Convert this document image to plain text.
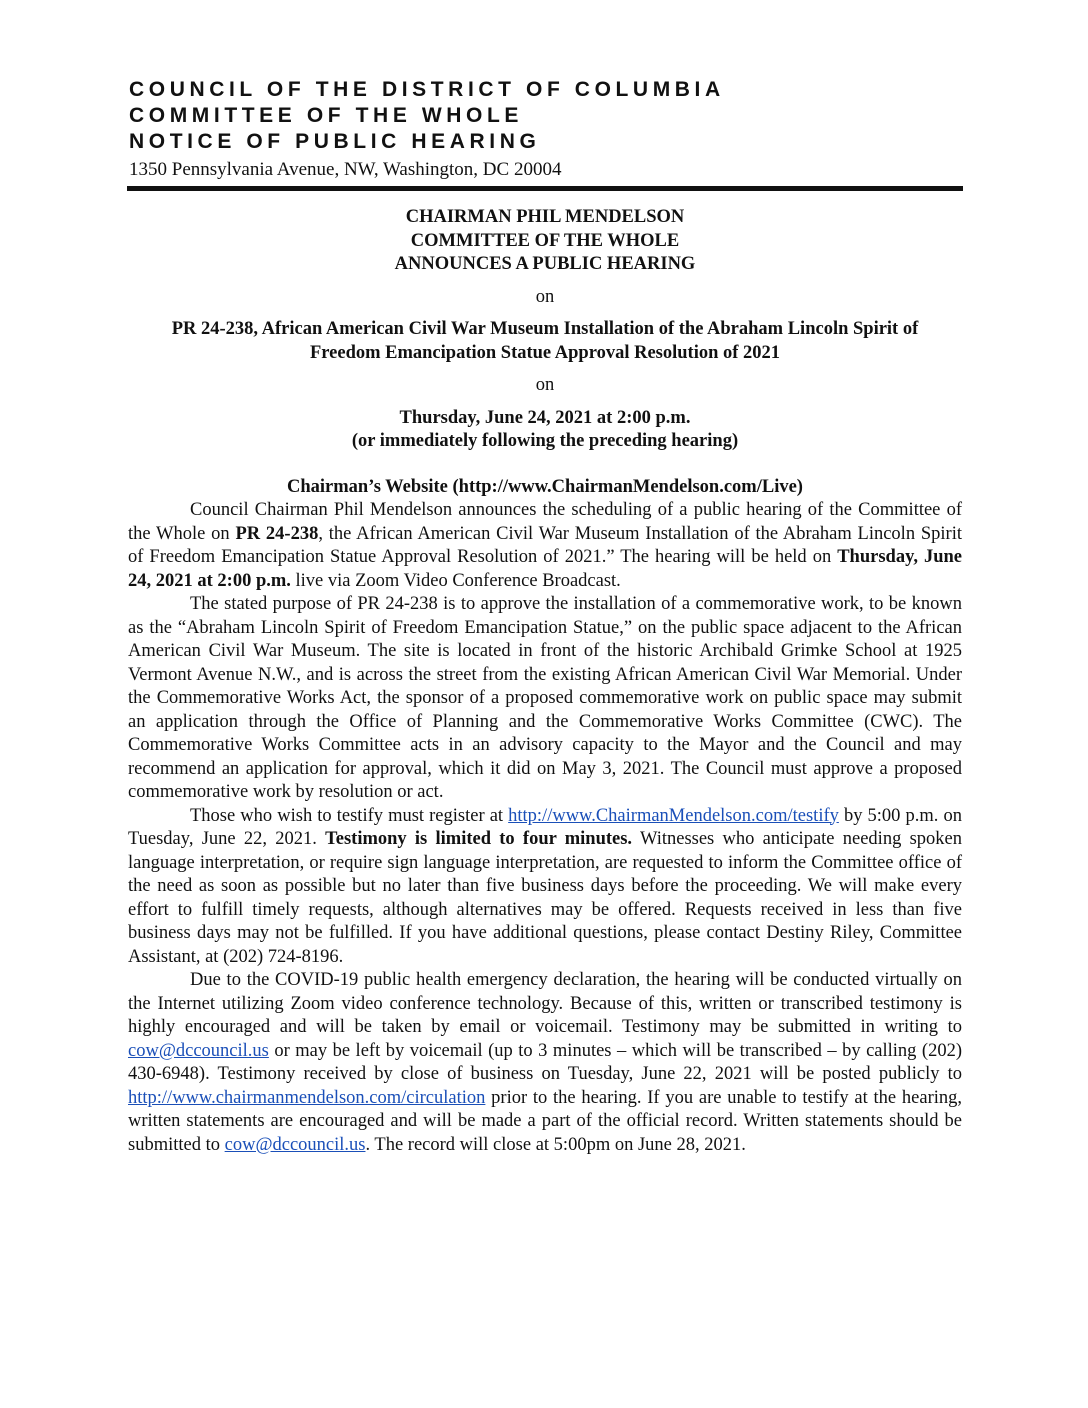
COUNCIL OF THE DISTRICT OF COLUMBIA
COMMITTEE OF THE WHOLE
NOTICE OF PUBLIC HEARING
1350 Pennsylvania Avenue, NW, Washington, DC 20004
CHAIRMAN PHIL MENDELSON
COMMITTEE OF THE WHOLE
ANNOUNCES A PUBLIC HEARING
on
PR 24-238, African American Civil War Museum Installation of the Abraham Lincoln Spirit of
Freedom Emancipation Statue Approval Resolution of 2021
on
Thursday, June 24, 2021 at 2:00 p.m.
(or immediately following the preceding hearing)
Chairman’s Website (http://www.ChairmanMendelson.com/Live)

Council Chairman Phil Mendelson announces the scheduling of a public hearing of the Committee of the Whole on PR 24-238, the African American Civil War Museum Installation of the Abraham Lincoln Spirit of Freedom Emancipation Statue Approval Resolution of 2021.” The hearing will be held on Thursday, June 24, 2021 at 2:00 p.m. live via Zoom Video Conference Broadcast.

The stated purpose of PR 24-238 is to approve the installation of a commemorative work, to be known as the “Abraham Lincoln Spirit of Freedom Emancipation Statue,” on the public space adjacent to the African American Civil War Museum. The site is located in front of the historic Archibald Grimke School at 1925 Vermont Avenue N.W., and is across the street from the existing African American Civil War Memorial. Under the Commemorative Works Act, the sponsor of a proposed commemorative work on public space may submit an application through the Office of Planning and the Commemorative Works Committee (CWC). The Commemorative Works Committee acts in an advisory capacity to the Mayor and the Council and may recommend an application for approval, which it did on May 3, 2021. The Council must approve a proposed commemorative work by resolution or act.

Those who wish to testify must register at http://www.ChairmanMendelson.com/testify by 5:00 p.m. on Tuesday, June 22, 2021. Testimony is limited to four minutes. Witnesses who anticipate needing spoken language interpretation, or require sign language interpretation, are requested to inform the Committee office of the need as soon as possible but no later than five business days before the proceeding. We will make every effort to fulfill timely requests, although alternatives may be offered. Requests received in less than five business days may not be fulfilled. If you have additional questions, please contact Destiny Riley, Committee Assistant, at (202) 724-8196.

Due to the COVID-19 public health emergency declaration, the hearing will be conducted virtually on the Internet utilizing Zoom video conference technology. Because of this, written or transcribed testimony is highly encouraged and will be taken by email or voicemail. Testimony may be submitted in writing to cow@dccouncil.us or may be left by voicemail (up to 3 minutes – which will be transcribed – by calling (202) 430-6948). Testimony received by close of business on Tuesday, June 22, 2021 will be posted publicly to http://www.chairmanmendelson.com/circulation prior to the hearing. If you are unable to testify at the hearing, written statements are encouraged and will be made a part of the official record. Written statements should be submitted to cow@dccouncil.us. The record will close at 5:00pm on June 28, 2021.
